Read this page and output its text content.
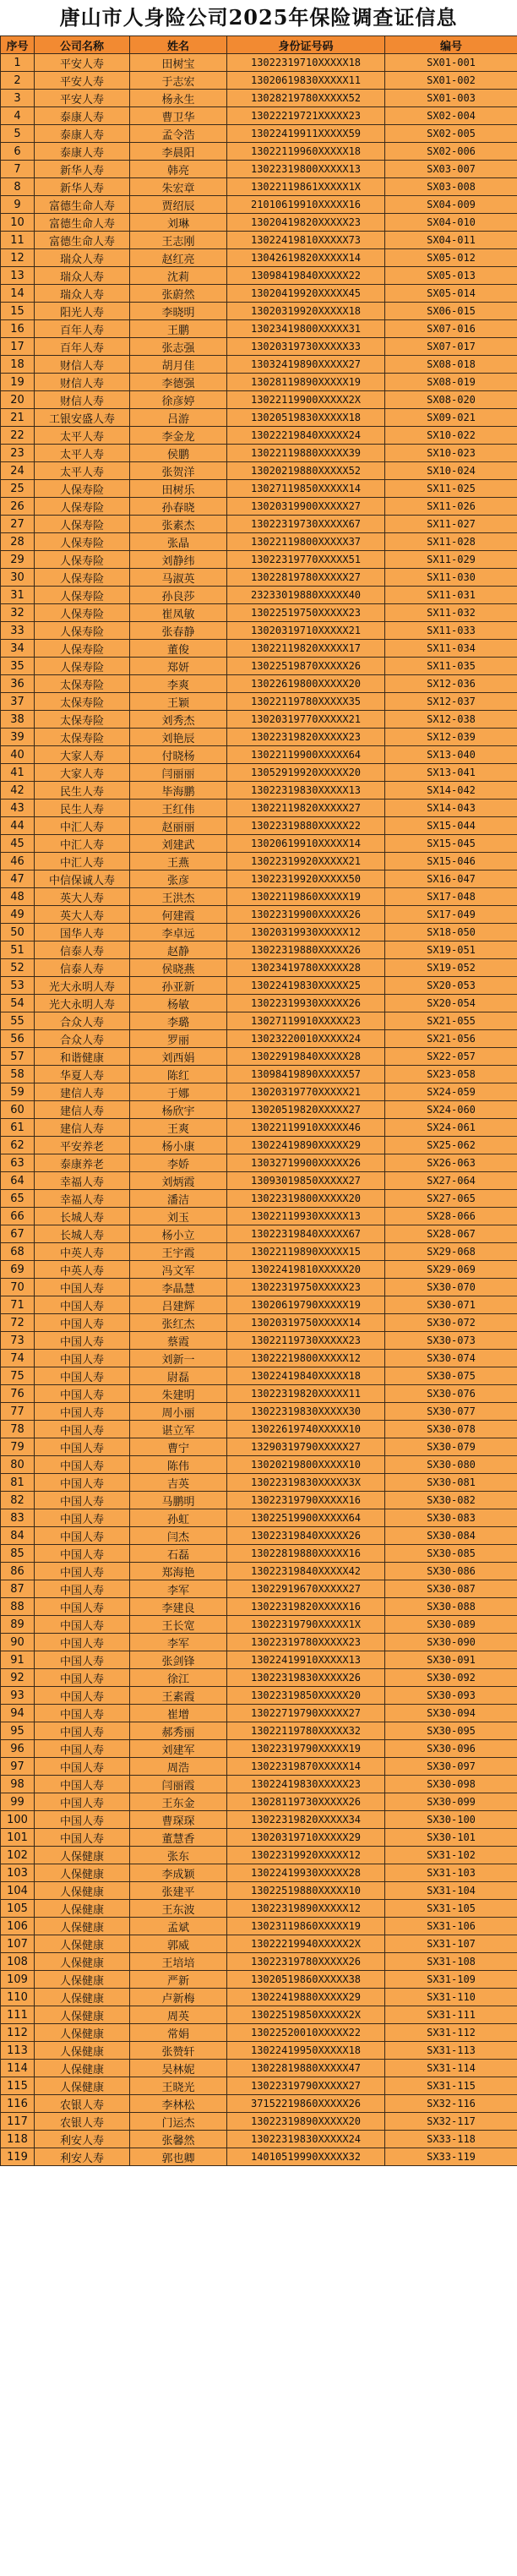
唐山市人身险公司2025年保险调查证信息
序号	公司名称	姓名	身份证号码	编号
1	平安人寿	田树宝	13022319710XXXXX18	SX01-001
2	平安人寿	于志宏	13020619830XXXXX11	SX01-002
3	平安人寿	杨永生	13028219780XXXXX52	SX01-003
4	泰康人寿	曹卫华	13022219721XXXXX23	SX02-004
5	泰康人寿	孟令浩	13022419911XXXXX59	SX02-005
6	泰康人寿	李晨阳	13022119960XXXXX18	SX02-006
7	新华人寿	韩亮	13022319800XXXXX13	SX03-007
8	新华人寿	朱宏章	13022119861XXXXX1X	SX03-008
9	富德生命人寿	贾绍辰	21010619910XXXXX16	SX04-009
10	富德生命人寿	刘琳	13020419820XXXXX23	SX04-010
11	富德生命人寿	王志刚	13022419810XXXXX73	SX04-011
12	瑞众人寿	赵红亮	13042619820XXXXX14	SX05-012
13	瑞众人寿	沈莉	13098419840XXXXX22	SX05-013
14	瑞众人寿	张蔚然	13020419920XXXXX45	SX05-014
15	阳光人寿	李晓明	13020319920XXXXX18	SX06-015
16	百年人寿	王鹏	13023419800XXXXX31	SX07-016
17	百年人寿	张志强	13020319730XXXXX33	SX07-017
18	财信人寿	胡月佳	13032419890XXXXX27	SX08-018
19	财信人寿	李德强	13028119890XXXXX19	SX08-019
20	财信人寿	徐彦婷	13022119900XXXXX2X	SX08-020
21	工银安盛人寿	吕游	13020519830XXXXX18	SX09-021
22	太平人寿	李金龙	13022219840XXXXX24	SX10-022
23	太平人寿	侯鹏	13022119880XXXXX39	SX10-023
24	太平人寿	张贺洋	13020219880XXXXX52	SX10-024
25	人保寿险	田树乐	13027119850XXXXX14	SX11-025
26	人保寿险	孙春晓	13020319900XXXXX27	SX11-026
27	人保寿险	张素杰	13022319730XXXXX67	SX11-027
28	人保寿险	张晶	13022119800XXXXX37	SX11-028
29	人保寿险	刘静纬	13022319770XXXXX51	SX11-029
30	人保寿险	马淑英	13022819780XXXXX27	SX11-030
31	人保寿险	孙良莎	23233019880XXXXX40	SX11-031
32	人保寿险	崔凤敏	13022519750XXXXX23	SX11-032
33	人保寿险	张春静	13020319710XXXXX21	SX11-033
34	人保寿险	董俊	13022119820XXXXX17	SX11-034
35	人保寿险	郑妍	13022519870XXXXX26	SX11-035
36	太保寿险	李爽	13022619800XXXXX20	SX12-036
37	太保寿险	王颖	13022119780XXXXX35	SX12-037
38	太保寿险	刘秀杰	13020319770XXXXX21	SX12-038
39	太保寿险	刘艳辰	13022319820XXXXX23	SX12-039
40	大家人寿	付晓杨	13022119900XXXXX64	SX13-040
41	大家人寿	闫丽丽	13052919920XXXXX20	SX13-041
42	民生人寿	毕海鹏	13022319830XXXXX13	SX14-042
43	民生人寿	王红伟	13022119820XXXXX27	SX14-043
44	中汇人寿	赵丽丽	13022319880XXXXX22	SX15-044
45	中汇人寿	刘建武	13020619910XXXXX14	SX15-045
46	中汇人寿	王燕	13022319920XXXXX21	SX15-046
47	中信保诚人寿	张彦	13022319920XXXXX50	SX16-047
48	英大人寿	王洪杰	13022119860XXXXX19	SX17-048
49	英大人寿	何建霞	13022319900XXXXX26	SX17-049
50	国华人寿	李卓远	13020319930XXXXX12	SX18-050
51	信泰人寿	赵静	13022319880XXXXX26	SX19-051
52	信泰人寿	侯晓燕	13023419780XXXXX28	SX19-052
53	光大永明人寿	孙亚新	13022419830XXXXX25	SX20-053
54	光大永明人寿	杨敏	13022319930XXXXX26	SX20-054
55	合众人寿	李璐	13027119910XXXXX23	SX21-055
56	合众人寿	罗丽	13023220010XXXXX24	SX21-056
57	和谐健康	刘西娟	13022919840XXXXX28	SX22-057
58	华夏人寿	陈红	13098419890XXXXX57	SX23-058
59	建信人寿	于娜	13020319770XXXXX21	SX24-059
60	建信人寿	杨欣宇	13020519820XXXXX27	SX24-060
61	建信人寿	王爽	13022119910XXXXX46	SX24-061
62	平安养老	杨小康	13022419890XXXXX29	SX25-062
63	泰康养老	李娇	13032719900XXXXX26	SX26-063
64	幸福人寿	刘炳霞	13093019850XXXXX27	SX27-064
65	幸福人寿	潘洁	13022319800XXXXX20	SX27-065
66	长城人寿	刘玉	13022119930XXXXX13	SX28-066
67	长城人寿	杨小立	13022319840XXXXX67	SX28-067
68	中英人寿	王宇霞	13022119890XXXXX15	SX29-068
69	中英人寿	冯文军	13022419810XXXXX20	SX29-069
70	中国人寿	李晶慧	13022319750XXXXX23	SX30-070
71	中国人寿	吕建辉	13020619790XXXXX19	SX30-071
72	中国人寿	张红杰	13020319750XXXXX14	SX30-072
73	中国人寿	蔡霞	13022119730XXXXX23	SX30-073
74	中国人寿	刘新一	13022219800XXXXX12	SX30-074
75	中国人寿	尉磊	13022419840XXXXX18	SX30-075
76	中国人寿	朱建明	13022319820XXXXX11	SX30-076
77	中国人寿	周小丽	13022319830XXXXX30	SX30-077
78	中国人寿	谌立军	13022619740XXXXX10	SX30-078
79	中国人寿	曹宁	13290319790XXXXX27	SX30-079
80	中国人寿	陈伟	13020219800XXXXX10	SX30-080
81	中国人寿	吉英	13022319830XXXXX3X	SX30-081
82	中国人寿	马鹏明	13022319790XXXXX16	SX30-082
83	中国人寿	孙虹	13022519900XXXXX64	SX30-083
84	中国人寿	闫杰	13022319840XXXXX26	SX30-084
85	中国人寿	石磊	13022819880XXXXX16	SX30-085
86	中国人寿	郑海艳	13022319840XXXXX42	SX30-086
87	中国人寿	李军	13022919670XXXXX27	SX30-087
88	中国人寿	李建良	13022319820XXXXX16	SX30-088
89	中国人寿	王长宽	13022319790XXXXX1X	SX30-089
90	中国人寿	李军	13022319780XXXXX23	SX30-090
91	中国人寿	张剑锋	13022419910XXXXX13	SX30-091
92	中国人寿	徐江	13022319830XXXXX26	SX30-092
93	中国人寿	王素霞	13022319850XXXXX20	SX30-093
94	中国人寿	崔增	13022719790XXXXX27	SX30-094
95	中国人寿	郝秀丽	13022119780XXXXX32	SX30-095
96	中国人寿	刘建军	13022319790XXXXX19	SX30-096
97	中国人寿	周浩	13022319870XXXXX14	SX30-097
98	中国人寿	闫丽霞	13022419830XXXXX23	SX30-098
99	中国人寿	王东金	13028119730XXXXX26	SX30-099
100	中国人寿	曹琛琛	13022319820XXXXX34	SX30-100
101	中国人寿	董慧香	13020319710XXXXX29	SX30-101
102	人保健康	张东	13022319920XXXXX12	SX31-102
103	人保健康	李成颖	13022419930XXXXX28	SX31-103
104	人保健康	张建平	13022519880XXXXX10	SX31-104
105	人保健康	王东波	13022319890XXXXX12	SX31-105
106	人保健康	孟斌	13023119860XXXXX19	SX31-106
107	人保健康	郭威	13022219940XXXXX2X	SX31-107
108	人保健康	王培培	13022319780XXXXX26	SX31-108
109	人保健康	严新	13020519860XXXXX38	SX31-109
110	人保健康	卢新梅	13022419880XXXXX29	SX31-110
111	人保健康	周英	13022519850XXXXX2X	SX31-111
112	人保健康	常娟	13022520010XXXXX22	SX31-112
113	人保健康	张赞轩	13022419950XXXXX18	SX31-113
114	人保健康	吴林妮	13022819880XXXXX47	SX31-114
115	人保健康	王晓光	13022319790XXXXX27	SX31-115
116	农银人寿	李林松	37152219860XXXXX26	SX32-116
117	农银人寿	门运杰	13022319890XXXXX20	SX32-117
118	利安人寿	张馨然	13022319830XXXXX24	SX33-118
119	利安人寿	郭也卿	14010519990XXXXX32	SX33-119
